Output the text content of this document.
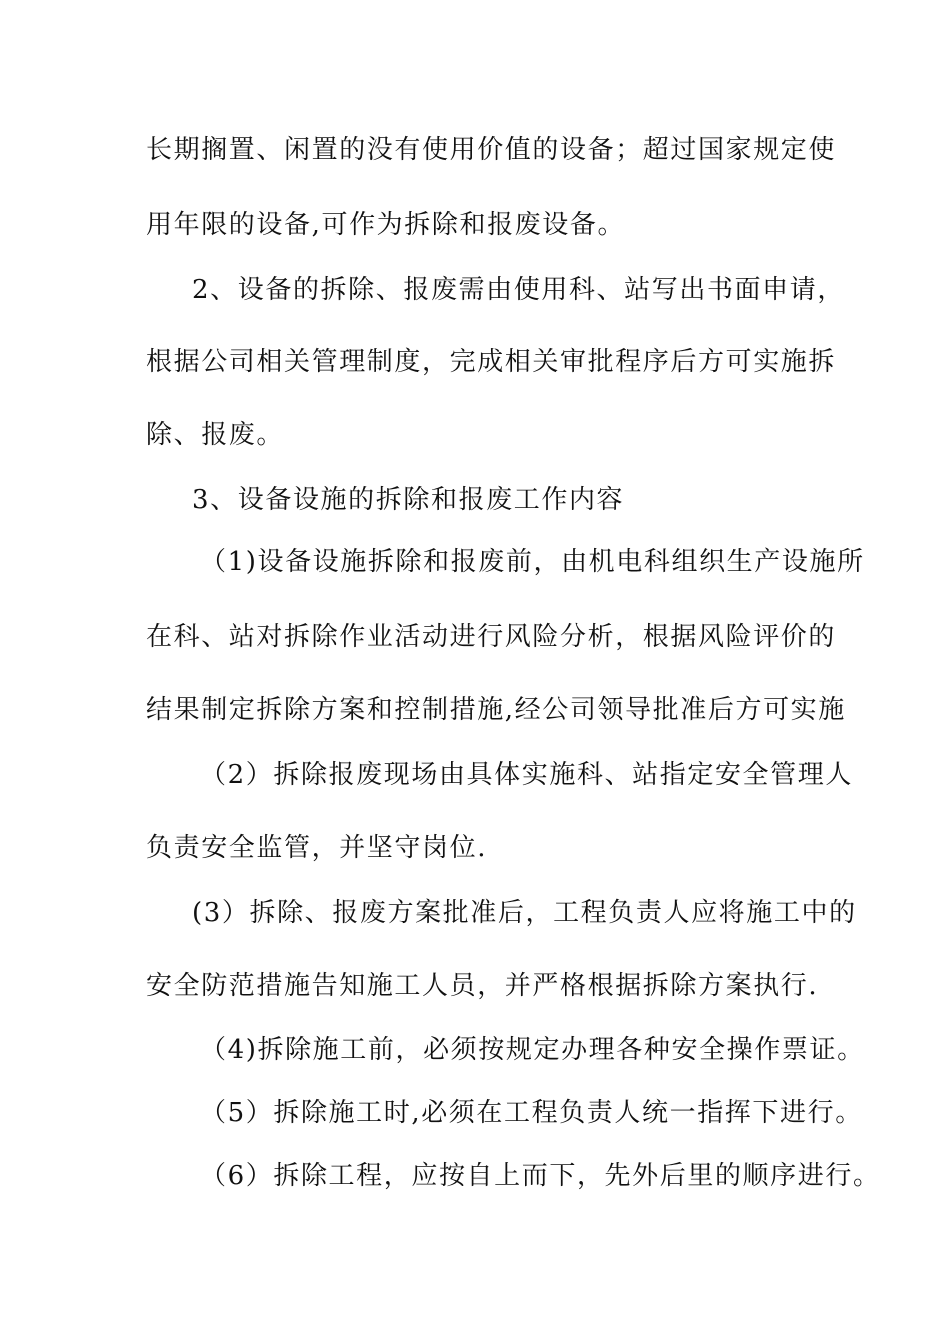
长期搁置、闲置的没有使用价值的设备；超过国家规定使
用年限的设备,可作为拆除和报废设备。
2、设备的拆除、报废需由使用科、站写出书面申请，
根据公司相关管理制度，完成相关审批程序后方可实施拆
除、报废。
3、设备设施的拆除和报废工作内容
（1)设备设施拆除和报废前，由机电科组织生产设施所
在科、站对拆除作业活动进行风险分析，根据风险评价的
结果制定拆除方案和控制措施,经公司领导批准后方可实施
（2）拆除报废现场由具体实施科、站指定安全管理人
负责安全监管，并坚守岗位.
(3）拆除、报废方案批准后，工程负责人应将施工中的
安全防范措施告知施工人员，并严格根据拆除方案执行.
（4)拆除施工前，必须按规定办理各种安全操作票证。
（5）拆除施工时,必须在工程负责人统一指挥下进行。
（6）拆除工程，应按自上而下，先外后里的顺序进行。
